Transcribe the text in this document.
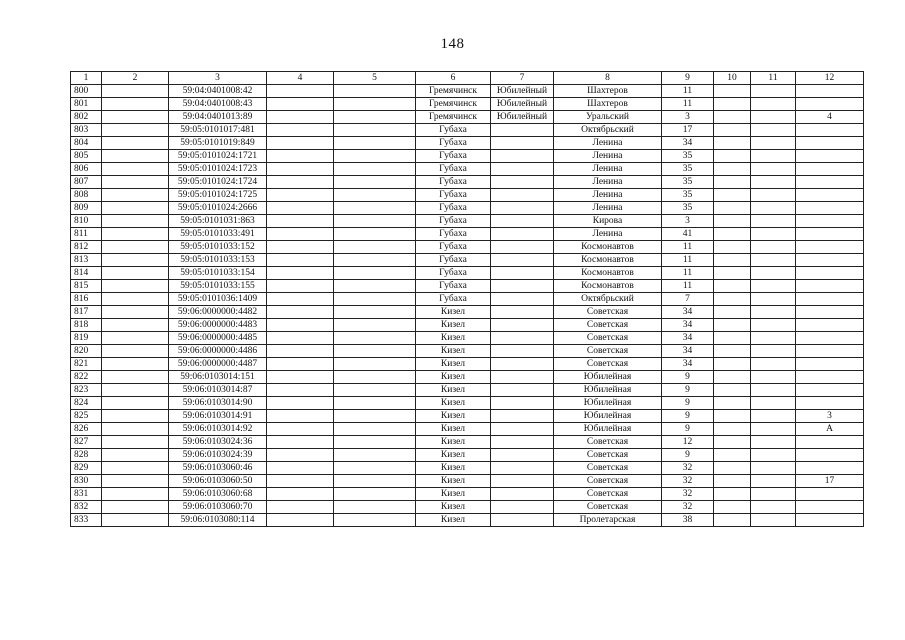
148
1	2	3	4	5	6	7	8	9	10	11	12
800		59:04:0401008:42			Гремячинск	Юбилейный	Шахтеров	11			
801		59:04:0401008:43			Гремячинск	Юбилейный	Шахтеров	11			
802		59:04:0401013:89			Гремячинск	Юбилейный	Уральский	3			4
803		59:05:0101017:481			Губаха		Октябрьский	17			
804		59:05:0101019:849			Губаха		Ленина	34			
805		59:05:0101024:1721			Губаха		Ленина	35			
806		59:05:0101024:1723			Губаха		Ленина	35			
807		59:05:0101024:1724			Губаха		Ленина	35			
808		59:05:0101024:1725			Губаха		Ленина	35			
809		59:05:0101024:2666			Губаха		Ленина	35			
810		59:05:0101031:863			Губаха		Кирова	3			
811		59:05:0101033:491			Губаха		Ленина	41			
812		59:05:0101033:152			Губаха		Космонавтов	11			
813		59:05:0101033:153			Губаха		Космонавтов	11			
814		59:05:0101033:154			Губаха		Космонавтов	11			
815		59:05:0101033:155			Губаха		Космонавтов	11			
816		59:05:0101036:1409			Губаха		Октябрьский	7			
817		59:06:0000000:4482			Кизел		Советская	34			
818		59:06:0000000:4483			Кизел		Советская	34			
819		59:06:0000000:4485			Кизел		Советская	34			
820		59:06:0000000:4486			Кизел		Советская	34			
821		59:06:0000000:4487			Кизел		Советская	34			
822		59:06:0103014:151			Кизел		Юбилейная	9			
823		59:06:0103014:87			Кизел		Юбилейная	9			
824		59:06:0103014:90			Кизел		Юбилейная	9			
825		59:06:0103014:91			Кизел		Юбилейная	9			3
826		59:06:0103014:92			Кизел		Юбилейная	9			А
827		59:06:0103024:36			Кизел		Советская	12			
828		59:06:0103024:39			Кизел		Советская	9			
829		59:06:0103060:46			Кизел		Советская	32			
830		59:06:0103060:50			Кизел		Советская	32			17
831		59:06:0103060:68			Кизел		Советская	32			
832		59:06:0103060:70			Кизел		Советская	32			
833		59:06:0103080:114			Кизел		Пролетарская	38			
